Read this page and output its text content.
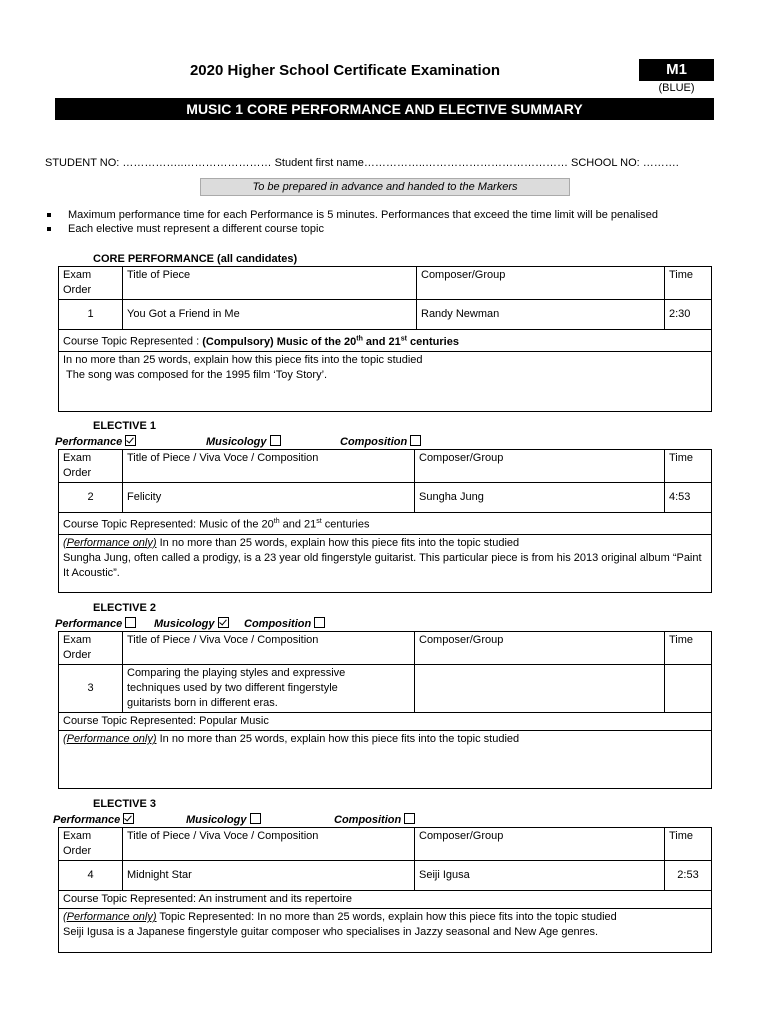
2020 Higher School Certificate Examination	M1
(BLUE)
MUSIC 1 CORE PERFORMANCE AND ELECTIVE SUMMARY
STUDENT NO: ……………..…………………… Student first name……………..………………………………… SCHOOL NO: ……….
To be prepared in advance and handed to the Markers
Maximum performance time for each Performance is 5 minutes. Performances that exceed the time limit will be penalised
Each elective must represent a different course topic
CORE PERFORMANCE (all candidates)
Exam
Order	Title of Piece	Composer/Group	Time
1	You Got a Friend in Me	Randy Newman	2:30
Course Topic Represented : (Compulsory) Music of the 20th and 21st centuries			
In no more than 25 words, explain how this piece fits into the topic studied
The song was composed for the 1995 film ‘Toy Story’.			
ELECTIVE 1
Performance	Musicology	Composition
Exam
Order	Title of Piece / Viva Voce / Composition	Composer/Group	Time
2	Felicity	Sungha Jung	4:53
Course Topic Represented: Music of the 20th and 21st centuries			
(Performance only) In no more than 25 words, explain how this piece fits into the topic studied
Sungha Jung, often called a prodigy, is a 23 year old fingerstyle guitarist. This particular piece is from his 2013 original album “Paint It Acoustic”.			
ELECTIVE 2
Performance	Musicology	Composition
Exam
Order	Title of Piece / Viva Voce / Composition	Composer/Group	Time
3	Comparing the playing styles and expressive techniques used by two different fingerstyle guitarists born in different eras.		
Course Topic Represented: Popular Music			
(Performance only) In no more than 25 words, explain how this piece fits into the topic studied			
ELECTIVE 3
Performance	Musicology	Composition
Exam
Order	Title of Piece / Viva Voce / Composition	Composer/Group	Time
4	Midnight Star	Seiji Igusa	2:53
Course Topic Represented: An instrument and its repertoire			
(Performance only) Topic Represented: In no more than 25 words, explain how this piece fits into the topic studied
Seiji Igusa is a Japanese fingerstyle guitar composer who specialises in Jazzy seasonal and New Age genres.			
